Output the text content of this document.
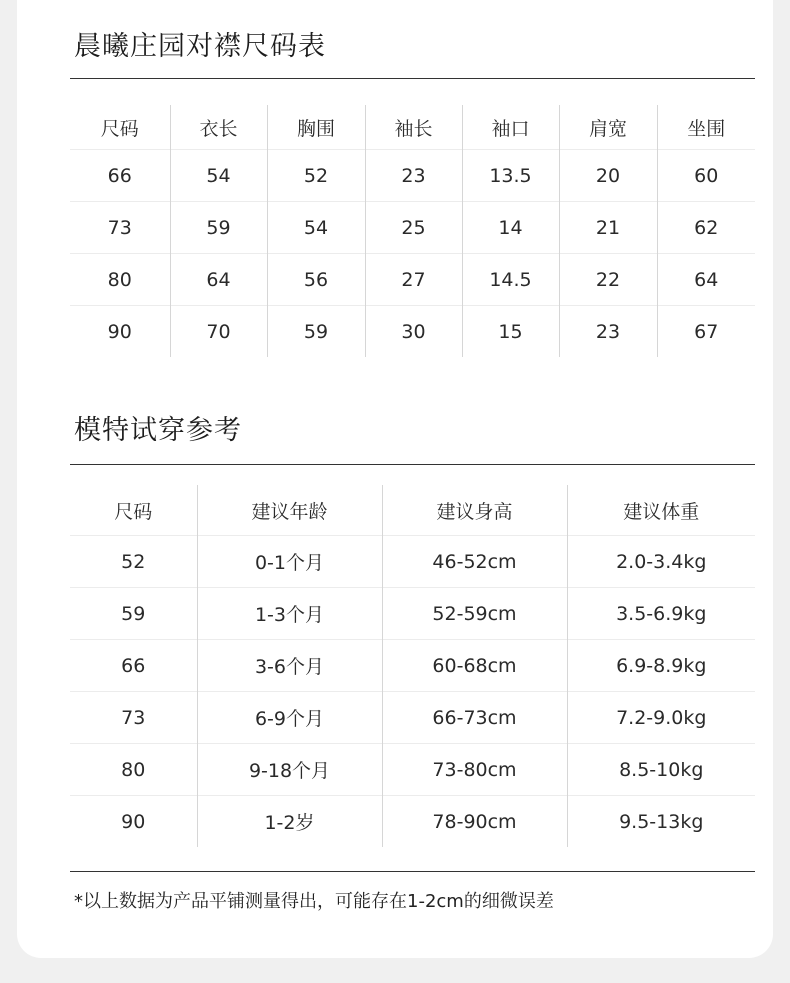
晨曦庄园对襟尺码表
尺码	衣长	胸围	袖长	袖口	肩宽	坐围
66	54	52	23	13.5	20	60
73	59	54	25	14	21	62
80	64	56	27	14.5	22	64
90	70	59	30	15	23	67
模特试穿参考
尺码	建议年龄	建议身高	建议体重
52	0-1个月	46-52cm	2.0-3.4kg
59	1-3个月	52-59cm	3.5-6.9kg
66	3-6个月	60-68cm	6.9-8.9kg
73	6-9个月	66-73cm	7.2-9.0kg
80	9-18个月	73-80cm	8.5-10kg
90	1-2岁	78-90cm	9.5-13kg

*以上数据为产品平铺测量得出，可能存在1-2cm的细微误差
